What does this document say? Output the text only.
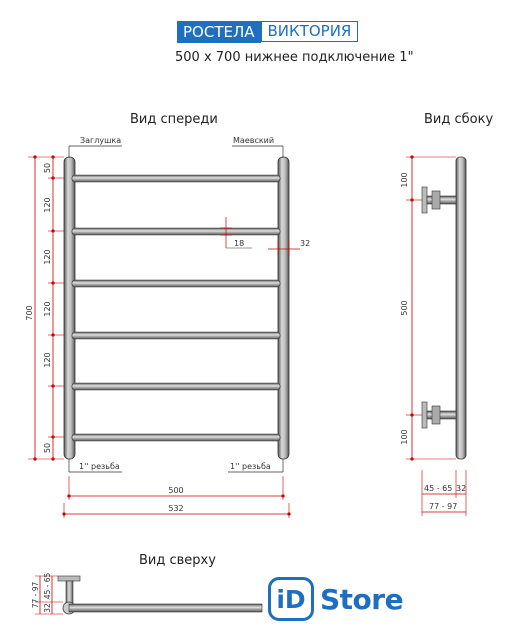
РОСТЕЛА ВИКТОРИЯ
500 x 700 нижнее подключение 1"
Вид спереди	Вид сбоку
Вид сверху
Заглушка	Маевский
1'' резьба	1'' резьба
700
50
120
120
120
120
50
18	32
500
532
100
500
100
45 - 65 32
77 - 97
77 - 97 32
45 - 65	iD Store
